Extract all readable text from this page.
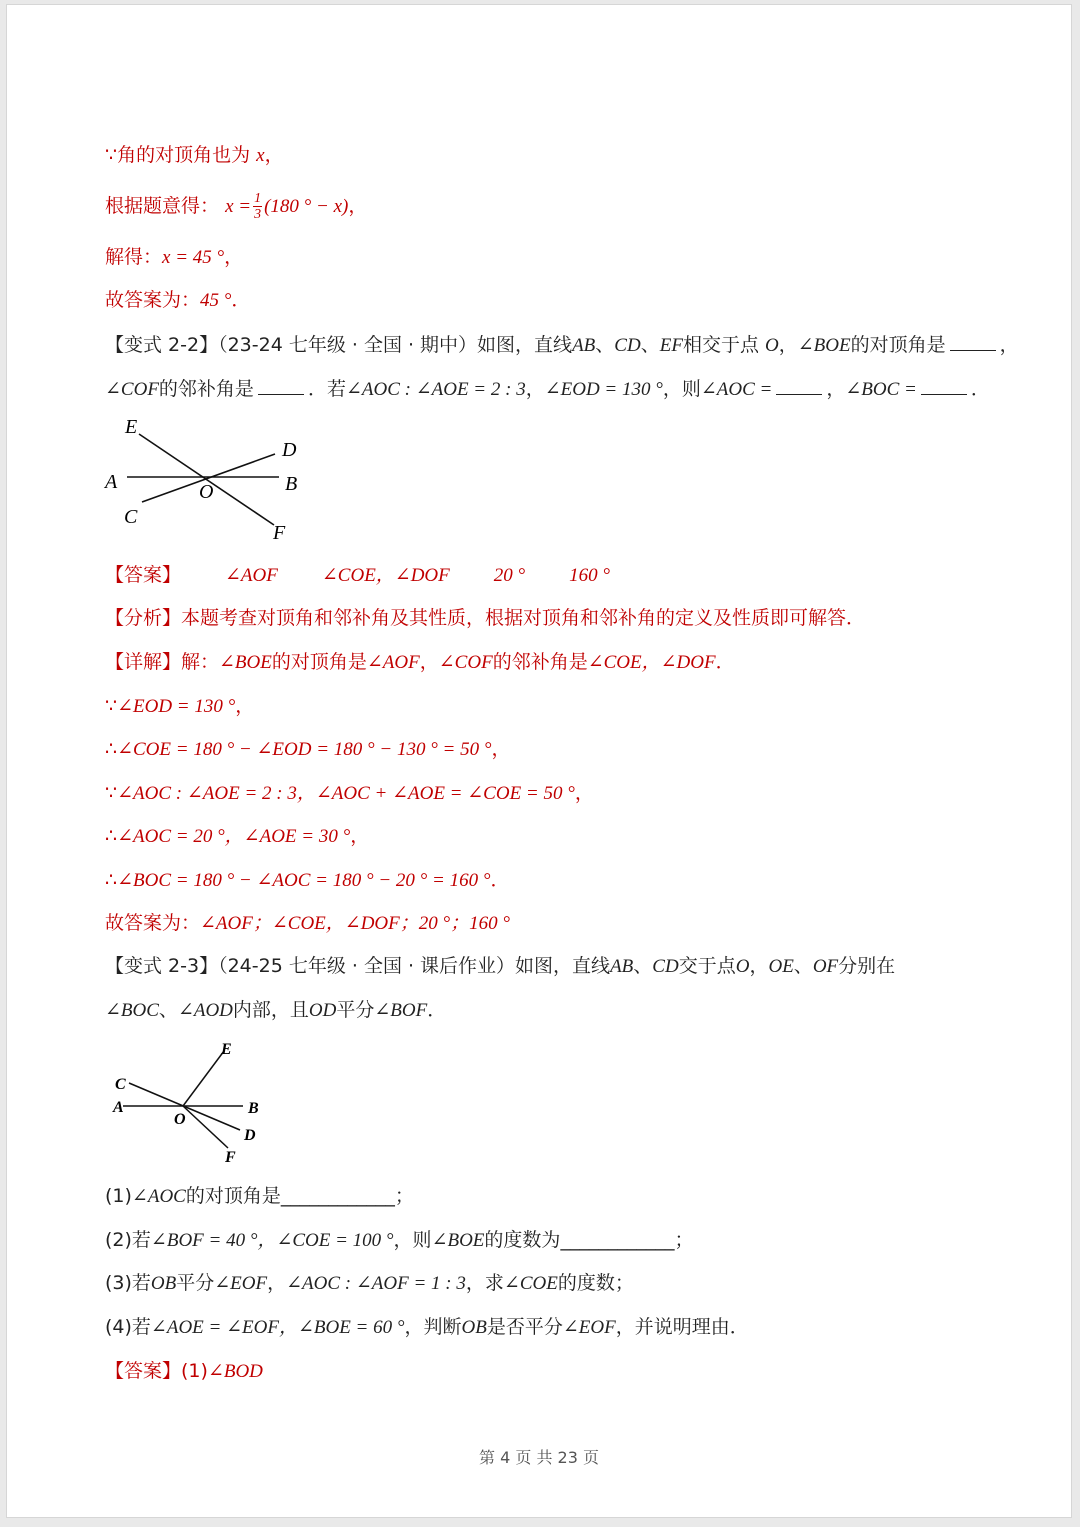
∵角的对顶角也为 x，
根据题意得： $x = \frac{1}{3} (180$ ° − x)，
解得：x = 45 °，
故答案为：45 °．
【变式 2-2】（23-24 七年级 · 全国 · 期中）如图，直线AB、CD、EF相交于点 O，∠BOE的对顶角是	，
∠COF的邻补角是	．若∠AOC : ∠AOE = 2 : 3，∠EOD = 130 °，则∠AOC =	，∠BOC =	．
E
D
A	B
O
C
F
【答案】 ∠AOF ∠COE，∠DOF 20 ° 160 °
【分析】本题考查对顶角和邻补角及其性质，根据对顶角和邻补角的定义及性质即可解答．
【详解】解：∠BOE的对顶角是∠AOF，∠COF的邻补角是∠COE，∠DOF．
∵∠EOD = 130 °，
∴∠COE = 180 ° − ∠EOD = 180 ° − 130 ° = 50 °，
∵∠AOC : ∠AOE = 2 : 3，∠AOC + ∠AOE = ∠COE = 50 °，
∴∠AOC = 20 °，∠AOE = 30 °，
∴∠BOC = 180 ° − ∠AOC = 180 ° − 20 ° = 160 °．
故答案为：∠AOF；∠COE，∠DOF；20 °；160 °
【变式 2-3】（24-25 七年级 · 全国 · 课后作业）如图，直线AB、CD交于点O，OE、OF分别在
∠BOC、∠AOD内部，且OD平分∠BOF．
E
C
A
O
B
D
F
(1)∠AOC的对顶角是____________；
(2)若∠BOF = 40 °，∠COE = 100 °，则∠BOE的度数为____________；
(3)若OB平分∠EOF，∠AOC : ∠AOF = 1 : 3，求∠COE的度数；
(4)若∠AOE = ∠EOF，∠BOE = 60 °，判断OB是否平分∠EOF，并说明理由．
【答案】(1)∠BOD
第 4 页 共 23 页
